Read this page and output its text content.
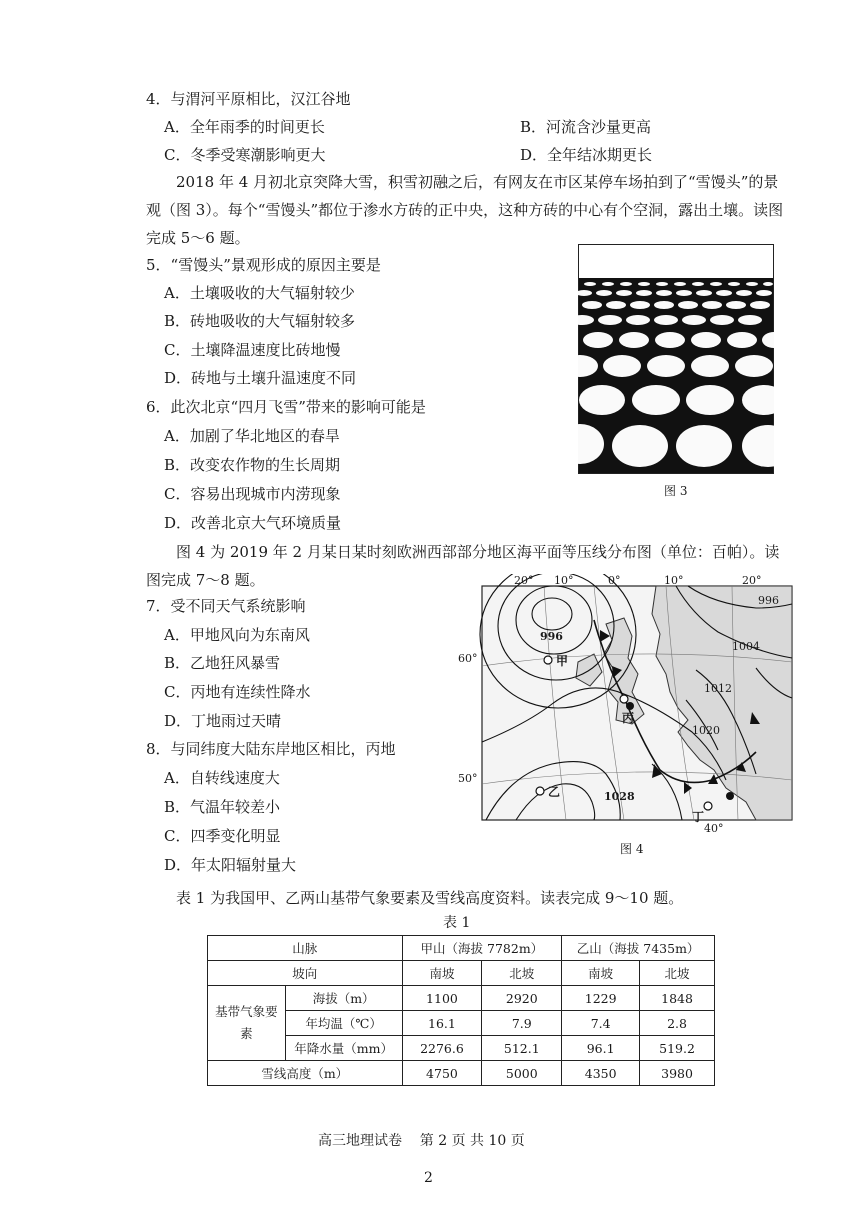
4．与渭河平原相比，汉江谷地
A．全年雨季的时间更长	B．河流含沙量更高
C．冬季受寒潮影响更大	D．全年结冰期更长
2018 年 4 月初北京突降大雪，积雪初融之后，有网友在市区某停车场拍到了“雪馒头”的景观（图 3）。每个“雪馒头”都位于渗水方砖的正中央，这种方砖的中心有个空洞，露出土壤。读图完成 5～6 题。
5．“雪馒头”景观形成的原因主要是
A．土壤吸收的大气辐射较少
B．砖地吸收的大气辐射较多
C．土壤降温速度比砖地慢
D．砖地与土壤升温速度不同
6．此次北京“四月飞雪”带来的影响可能是
A．加剧了华北地区的春旱
B．改变农作物的生长周期
C．容易出现城市内涝现象
D．改善北京大气环境质量
图 3
图 4 为 2019 年 2 月某日某时刻欧洲西部部分地区海平面等压线分布图（单位：百帕）。读图完成 7～8 题。
7．受不同天气系统影响
A．甲地风向为东南风
B．乙地狂风暴雪
C．丙地有连续性降水
D．丁地雨过天晴
8．与同纬度大陆东岸地区相比，丙地
A．自转线速度大
B．气温年较差小
C．四季变化明显
D．年太阳辐射量大
20° 10°	0°	10°	20°
40°
60°
50°
996
996
1004
1012
1020
1028
甲
乙
丙
丁
图 4
表 1 为我国甲、乙两山基带气象要素及雪线高度资料。读表完成 9～10 题。
表 1
山脉		甲山（海拔 7782m）		乙山（海拔 7435m）	
坡向		南坡	北坡	南坡	北坡
基带气象要素	海拔（m）	1100	2920	1229	1848
	年均温（℃）	16.1	7.9	7.4	2.8
	年降水量（mm）	2276.6	512.1	96.1	519.2
雪线高度（m）		4750	5000	4350	3980
高三地理试卷    第 2 页 共 10 页
2
